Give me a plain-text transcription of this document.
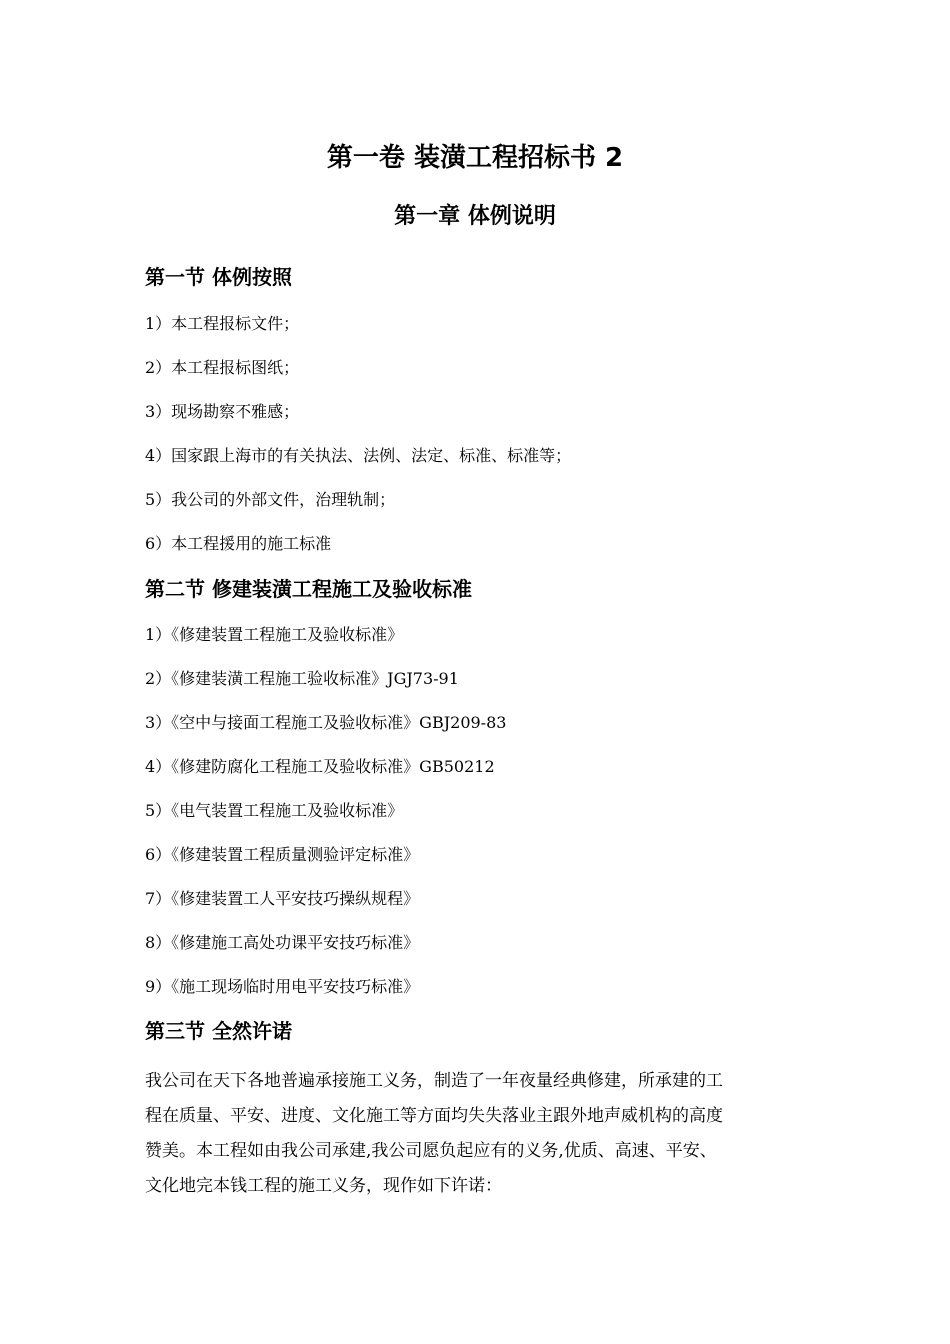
第一卷 装潢工程招标书 2
第一章 体例说明
第一节 体例按照

1）本工程报标文件；

2）本工程报标图纸；

3）现场勘察不雅感；

4）国家跟上海市的有关执法、法例、法定、标准、标准等；

5）我公司的外部文件，治理轨制；

6）本工程援用的施工标准

第二节 修建装潢工程施工及验收标准

1）《修建装置工程施工及验收标准》

2）《修建装潢工程施工验收标准》JGJ73-91

3）《空中与接面工程施工及验收标准》GBJ209-83

4）《修建防腐化工程施工及验收标准》GB50212

5）《电气装置工程施工及验收标准》

6）《修建装置工程质量测验评定标准》

7）《修建装置工人平安技巧操纵规程》

8）《修建施工高处功课平安技巧标准》

9）《施工现场临时用电平安技巧标准》

第三节 全然许诺
我公司在天下各地普遍承接施工义务，制造了一年夜量经典修建，所承建的工
程在质量、平安、进度、文化施工等方面均失失落业主跟外地声威机构的高度
赞美。本工程如由我公司承建,我公司愿负起应有的义务,优质、高速、平安、
文化地完本钱工程的施工义务，现作如下许诺：
